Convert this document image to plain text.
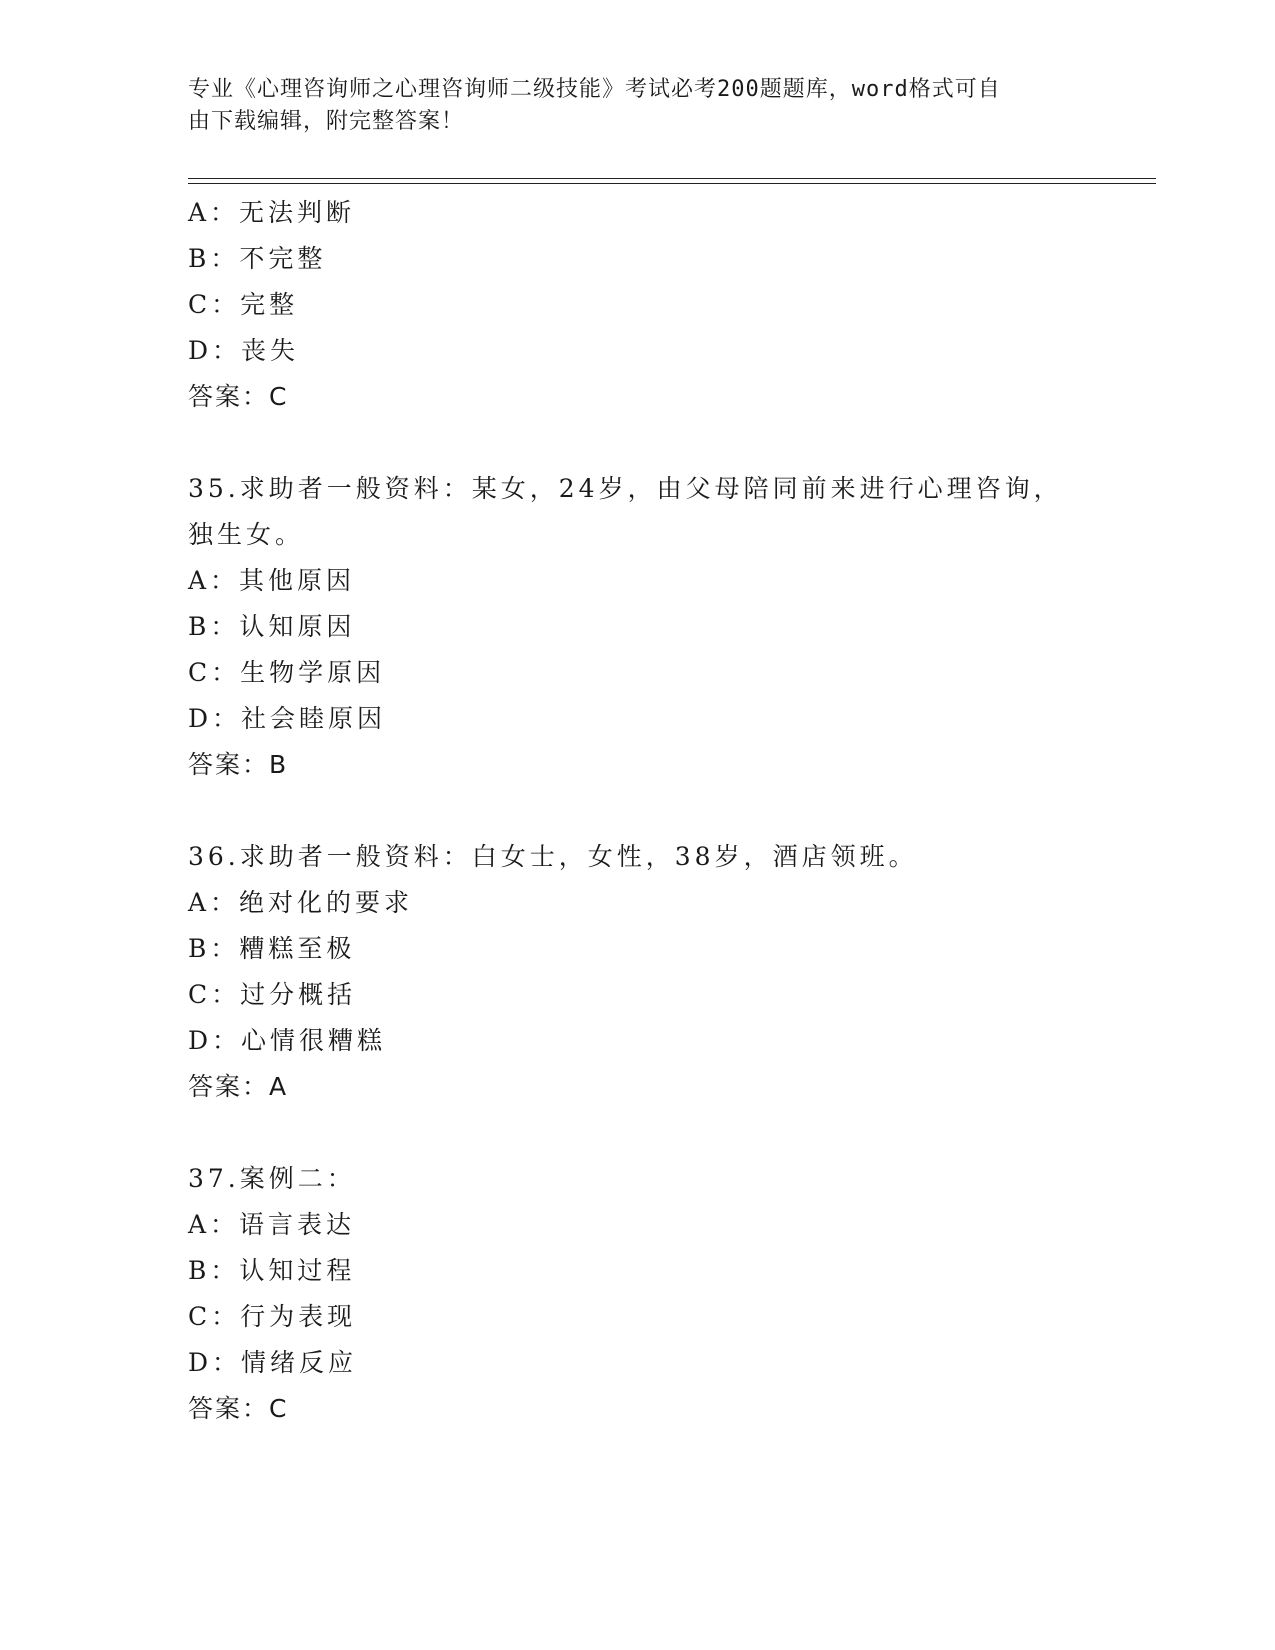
专业《心理咨询师之心理咨询师二级技能》考试必考200题题库，word格式可自
由下载编辑，附完整答案！
A：无法判断
B：不完整
C：完整
D：丧失
答案：C
35.求助者一般资料：某女，24岁，由父母陪同前来进行心理咨询，独生女。
A：其他原因
B：认知原因
C：生物学原因
D：社会睦原因
答案：B
36.求助者一般资料：白女士，女性，38岁，酒店领班。
A：绝对化的要求
B：糟糕至极
C：过分概括
D：心情很糟糕
答案：A
37.案例二：
A：语言表达
B：认知过程
C：行为表现
D：情绪反应
答案：C
